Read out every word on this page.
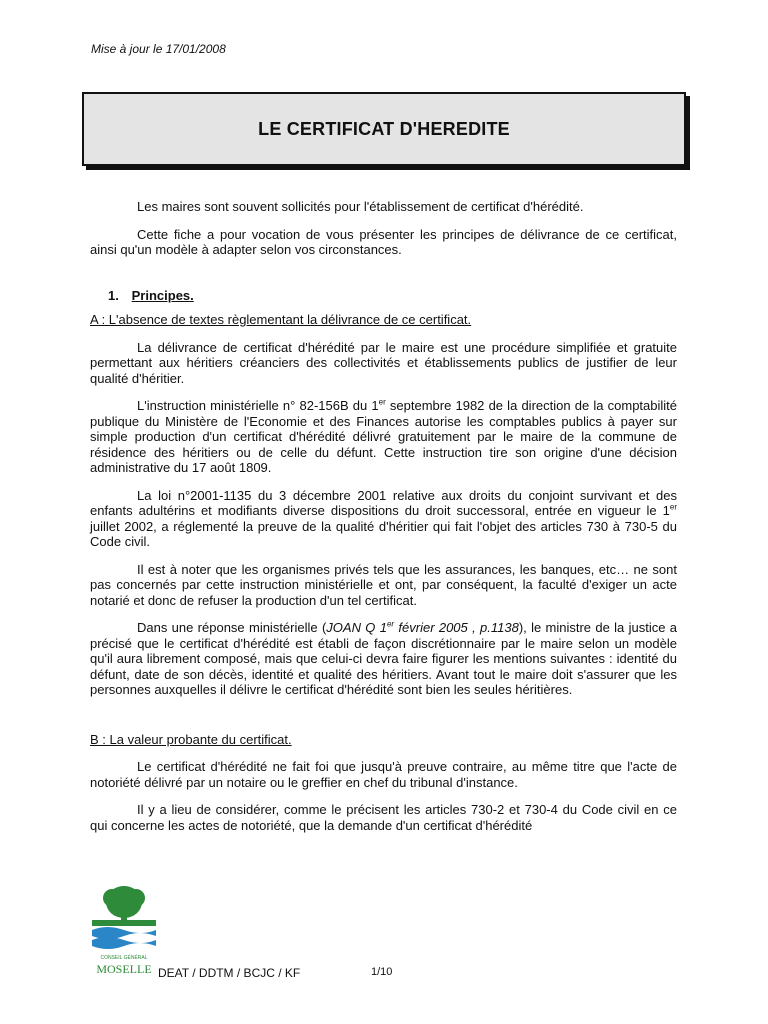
Mise à jour le 17/01/2008
LE CERTIFICAT D'HEREDITE

Les maires sont souvent sollicités pour l'établissement de certificat d'hérédité.

Cette fiche a pour vocation de vous présenter les principes de délivrance de ce certificat, ainsi qu'un modèle à adapter selon vos circonstances.

1. Principes.
A : L'absence de textes règlementant la délivrance de ce certificat.

La délivrance de certificat d'hérédité par le maire est une procédure simplifiée et gratuite permettant aux héritiers créanciers des collectivités et établissements publics de justifier de leur qualité d'héritier.

L'instruction ministérielle n° 82-156B du 1er septembre 1982 de la direction de la comptabilité publique du Ministère de l'Economie et des Finances autorise les comptables publics à payer sur simple production d'un certificat d'hérédité délivré gratuitement par le maire de la commune de résidence des héritiers ou de celle du défunt. Cette instruction tire son origine d'une décision administrative du 17 août 1809.

La loi n°2001-1135 du 3 décembre 2001 relative aux droits du conjoint survivant et des enfants adultérins et modifiants diverse dispositions du droit successoral, entrée en vigueur le 1er juillet 2002, a réglementé la preuve de la qualité d'héritier qui fait l'objet des articles 730 à 730-5 du Code civil.

Il est à noter que les organismes privés tels que les assurances, les banques, etc… ne sont pas concernés par cette instruction ministérielle et ont, par conséquent, la faculté d'exiger un acte notarié et donc de refuser la production d'un tel certificat.

Dans une réponse ministérielle (JOAN Q 1er février 2005 , p.1138), le ministre de la justice a précisé que le certificat d'hérédité est établi de façon discrétionnaire par le maire selon un modèle qu'il aura librement composé, mais que celui-ci devra faire figurer les mentions suivantes : identité du défunt, date de son décès, identité et qualité des héritiers. Avant tout le maire doit s'assurer que les personnes auxquelles il délivre le certificat d'hérédité sont bien les seules héritières.

B : La valeur probante du certificat.

Le certificat d'hérédité ne fait foi que jusqu'à preuve contraire, au même titre que l'acte de notoriété délivré par un notaire ou le greffier en chef du tribunal d'instance.

Il y a lieu de considérer, comme le précisent les articles 730-2 et 730-4 du Code civil en ce qui concerne les actes de notoriété, que la demande d'un certificat d'hérédité

CONSEIL GÉNÉRAL
MOSELLE DEAT / DDTM / BCJC / KF	1/10
